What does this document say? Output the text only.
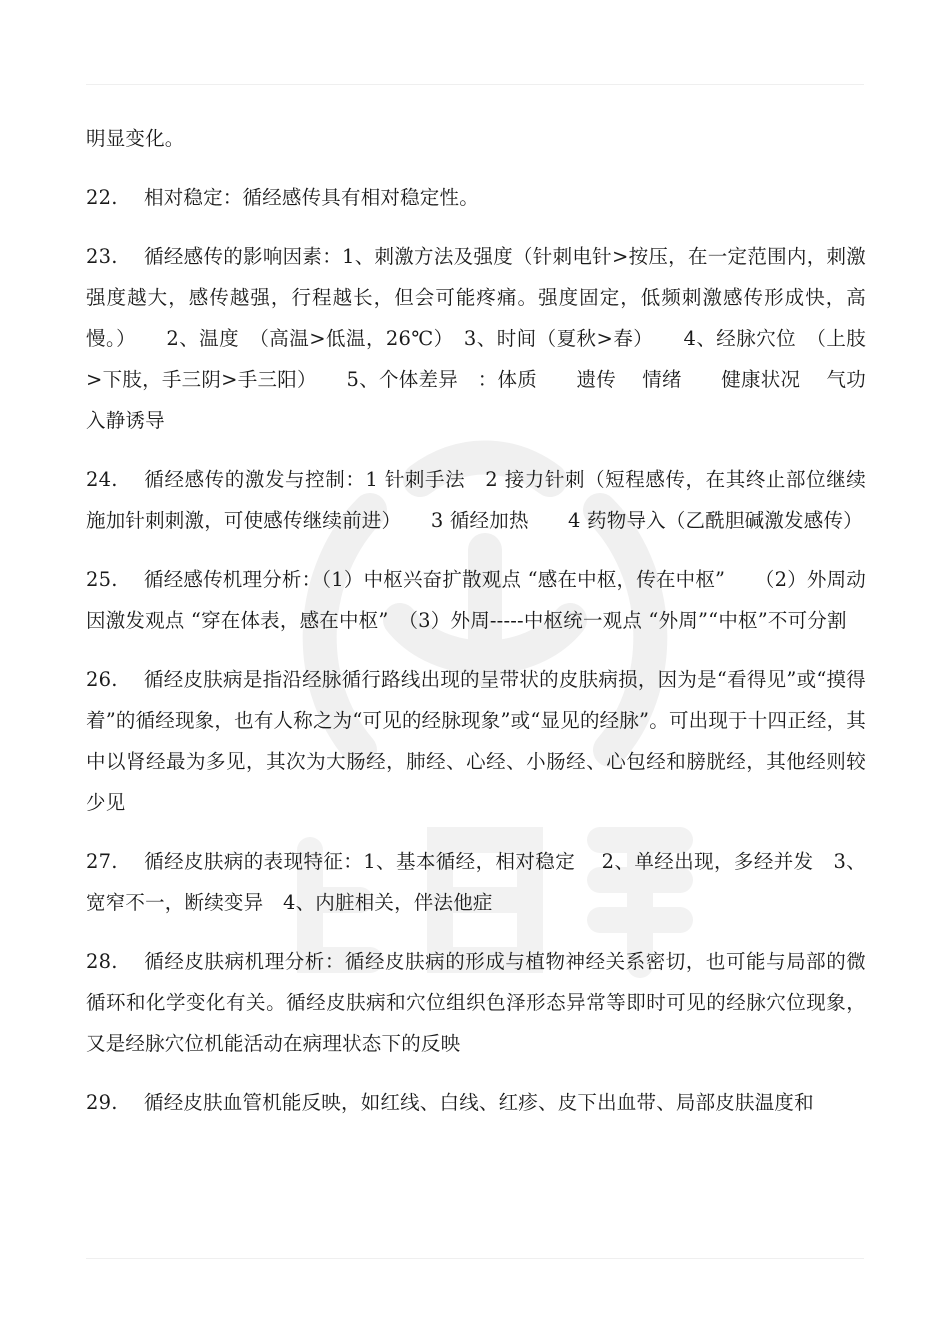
明显变化。

22. 相对稳定：循经感传具有相对稳定性。

23. 循经感传的影响因素：1、刺激方法及强度（针刺电针>按压，在一定范围内，刺激强度越大，感传越强，行程越长，但会可能疼痛。强度固定，低频刺激感传形成快，高慢。）　　2、温度　（高温>低温，26℃）　3、时间（夏秋>春）　　4、经脉穴位　（上肢>下肢，手三阴>手三阳）　　5、个体差异　：体质　　遗传　 情绪　　健康状况　 气功入静诱导

24. 循经感传的激发与控制：1 针刺手法　2 接力针刺（短程感传，在其终止部位继续施加针刺刺激，可使感传继续前进）　　3 循经加热　　4 药物导入（乙酰胆碱激发感传）

25. 循经感传机理分析：（1）中枢兴奋扩散观点 “感在中枢，传在中枢”　　（2）外周动因激发观点 “穿在体表，感在中枢”　（3）外周-----中枢统一观点 “外周”“中枢”不可分割

26. 循经皮肤病是指沿经脉循行路线出现的呈带状的皮肤病损，因为是“看得见”或“摸得着”的循经现象，也有人称之为“可见的经脉现象”或“显见的经脉”。可出现于十四正经，其中以肾经最为多见，其次为大肠经，肺经、心经、小肠经、心包经和膀胱经，其他经则较少见

27. 循经皮肤病的表现特征：1、基本循经，相对稳定　 2、单经出现，多经并发　3、宽窄不一，断续变异　4、内脏相关，伴法他症

28. 循经皮肤病机理分析：循经皮肤病的形成与植物神经关系密切，也可能与局部的微循环和化学变化有关。循经皮肤病和穴位组织色泽形态异常等即时可见的经脉穴位现象，又是经脉穴位机能活动在病理状态下的反映

29. 循经皮肤血管机能反映，如红线、白线、红疹、皮下出血带、局部皮肤温度和
